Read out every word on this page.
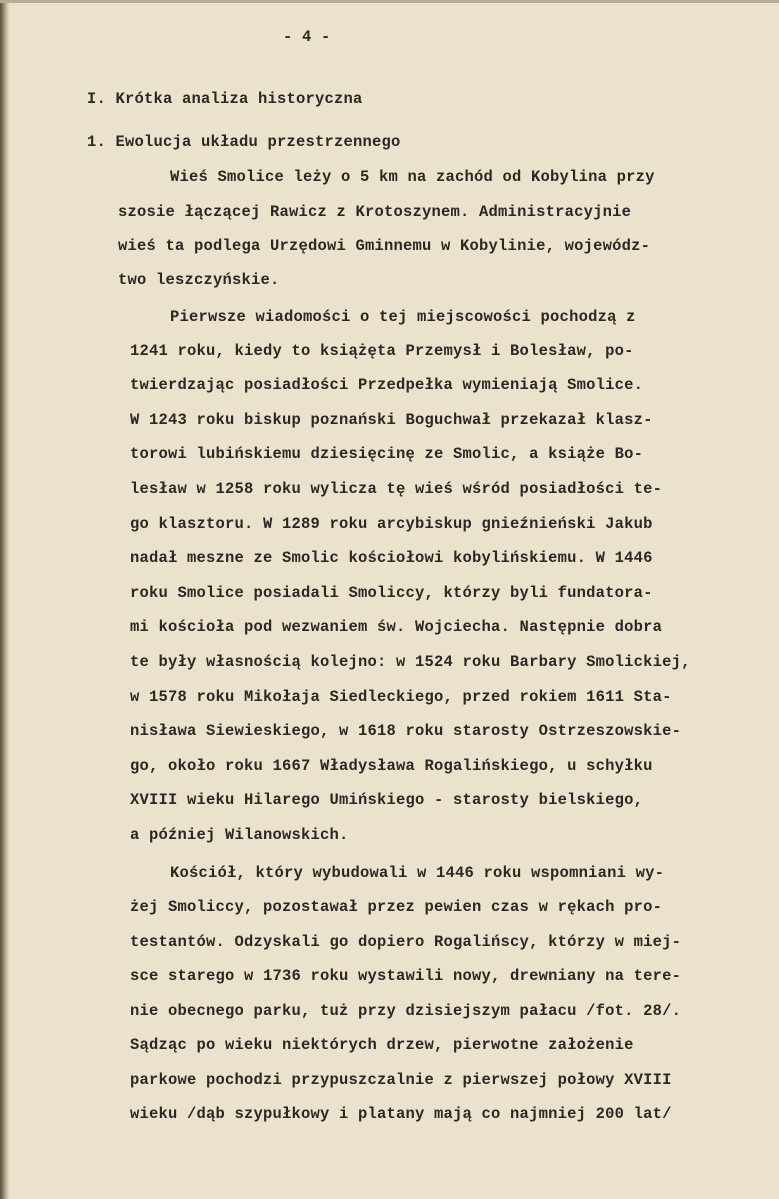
- 4 -

I. Krótka analiza historyczna

1. Ewolucja układu przestrzennego

Wieś Smolice leży o 5 km na zachód od Kobylina przy

szosie łączącej Rawicz z Krotoszynem. Administracyjnie

wieś ta podlega Urzędowi Gminnemu w Kobylinie, wojewódz-

two leszczyńskie.

Pierwsze wiadomości o tej miejscowości pochodzą z

1241 roku, kiedy to książęta Przemysł i Bolesław, po-

twierdzając posiadłości Przedpełka wymieniają Smolice.

W 1243 roku biskup poznański Boguchwał przekazał klasz-

torowi lubińskiemu dziesięcinę ze Smolic, a książe Bo-

lesław w 1258 roku wylicza tę wieś wśród posiadłości te-

go klasztoru. W 1289 roku arcybiskup gnieźnieński Jakub

nadał meszne ze Smolic kościołowi kobylińskiemu. W 1446

roku Smolice posiadali Smoliccy, którzy byli fundatora-

mi kościoła pod wezwaniem św. Wojciecha. Następnie dobra

te były własnością kolejno: w 1524 roku Barbary Smolickiej,

w 1578 roku Mikołaja Siedleckiego, przed rokiem 1611 Sta-

nisława Siewieskiego, w 1618 roku starosty Ostrzeszowskie-

go, około roku 1667 Władysława Rogalińskiego, u schyłku

XVIII wieku Hilarego Umińskiego - starosty bielskiego,

a później Wilanowskich.

Kościół, który wybudowali w 1446 roku wspomniani wy-

żej Smoliccy, pozostawał przez pewien czas w rękach pro-

testantów. Odzyskali go dopiero Rogalińscy, którzy w miej-

sce starego w 1736 roku wystawili nowy, drewniany na tere-

nie obecnego parku, tuż przy dzisiejszym pałacu /fot. 28/.

Sądząc po wieku niektórych drzew, pierwotne założenie

parkowe pochodzi przypuszczalnie z pierwszej połowy XVIII

wieku /dąb szypułkowy i platany mają co najmniej 200 lat/
